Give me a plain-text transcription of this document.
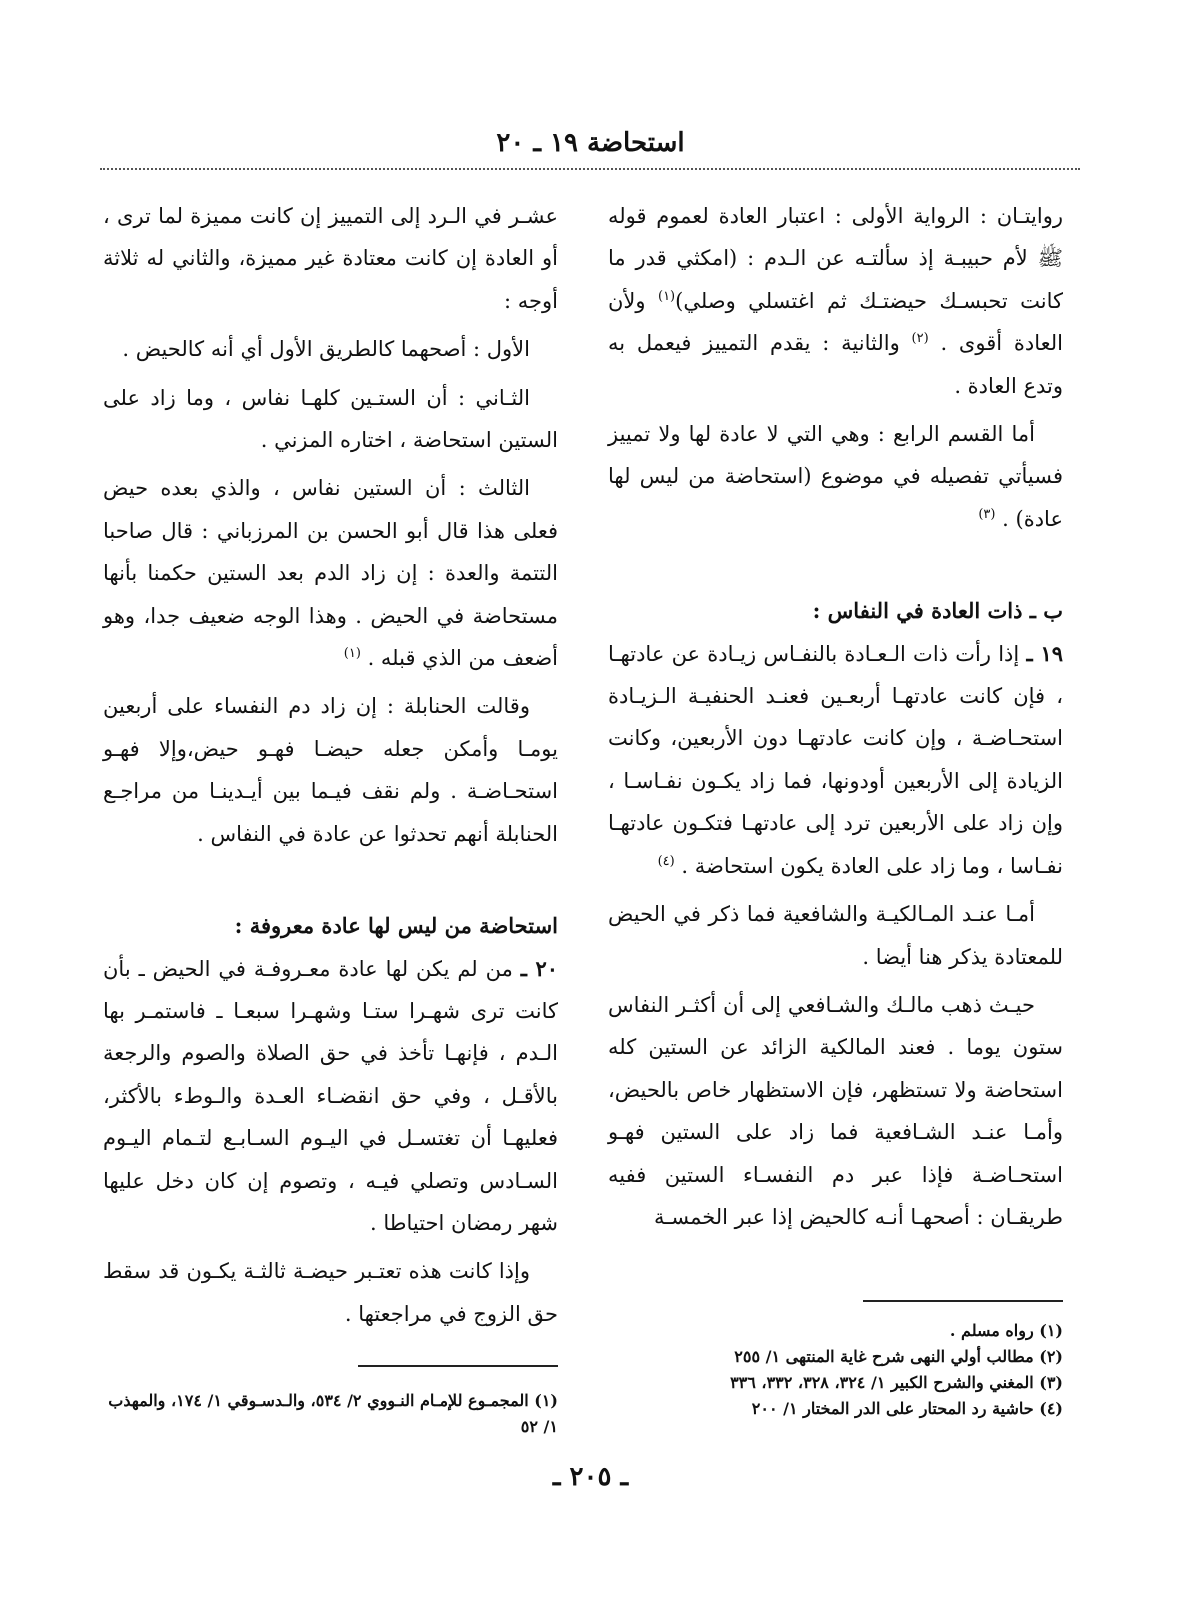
استحاضة ١٩ ـ ٢٠

روايتـان : الرواية الأولى : اعتبار العادة لعموم قوله ﷺ لأم حبيبـة إذ سألتـه عن الـدم : (امكثي قدر ما كانت تحبسـك حيضتـك ثم اغتسلي وصلي)$^{(١)}$ ولأن العادة أقوى . $^{(٢)}$ والثانية : يقدم التمييز فيعمل به وتدع العادة .

أما القسم الرابع : وهي التي لا عادة لها ولا تمييز فسيأتي تفصيله في موضوع (استحاضة من ليس لها عادة) . $^{(٣)}$

ب ـ ذات العادة في النفاس :

١٩ ـ إذا رأت ذات الـعـادة بالنفـاس زيـادة عن عادتهـا ، فإن كانت عادتهـا أربعـين فعنـد الحنفيـة الـزيـادة استحـاضـة ، وإن كانت عادتهـا دون الأربعين، وكانت الزيادة إلى الأربعين أودونها، فما زاد يكـون نفـاسـا ، وإن زاد على الأربعين ترد إلى عادتهـا فتكـون عادتهـا نفـاسا ، وما زاد على العادة يكون استحاضة . $^{(٤)}$

أمـا عنـد المـالكيـة والشافعية فما ذكر في الحيض للمعتادة يذكر هنا أيضا .

حيـث ذهب مالـك والشـافعي إلى أن أكثـر النفاس ستون يوما . فعند المالكية الزائد عن الستين كله استحاضة ولا تستظهر، فإن الاستظهار خاص بالحيض، وأمـا عنـد الشـافعية فما زاد على الستين فهـو استحـاضـة فإذا عبر دم النفسـاء الستين ففيه طريقـان : أصحهـا أنـه كالحيض إذا عبر الخمسـة

عشـر في الـرد إلى التمييز إن كانت مميزة لما ترى ، أو العادة إن كانت معتادة غير مميزة، والثاني له ثلاثة أوجه :

الأول : أصحهما كالطريق الأول أي أنه كالحيض .

الثـاني : أن الستـين كلهـا نفاس ، وما زاد على الستين استحاضة ، اختاره المزني .

الثالث : أن الستين نفاس ، والذي بعده حيض فعلى هذا قال أبو الحسن بن المرزباني : قال صاحبا التتمة والعدة : إن زاد الدم بعد الستين حكمنا بأنها مستحاضة في الحيض . وهذا الوجه ضعيف جدا، وهو أضعف من الذي قبله . $^{(١)}$

وقالت الحنابلة : إن زاد دم النفساء على أربعين يومـا وأمكن جعله حيضـا فهـو حيض،وإلا فهـو استحـاضـة . ولم نقف فيـما بين أيـدينـا من مراجـع الحنابلة أنهم تحدثوا عن عادة في النفاس .

استحاضة من ليس لها عادة معروفة :

٢٠ ـ من لم يكن لها عادة معـروفـة في الحيض ـ بأن كانت ترى شهـرا ستـا وشهـرا سبعـا ـ فاستمـر بها الـدم ، فإنهـا تأخذ في حق الصلاة والصوم والرجعة بالأقـل ، وفي حق انقضـاء العـدة والـوطء بالأكثر، فعليهـا أن تغتسـل في اليـوم السـابـع لتـمام اليـوم السـادس وتصلي فيـه ، وتصوم إن كان دخل عليها شهر رمضان احتياطا .

وإذا كانت هذه تعتـبر حيضـة ثالثـة يكـون قد سقط حق الزوج في مراجعتها .

(١) رواه مسلم .
(٢) مطالب أولي النهى شرح غاية المنتهى ١/ ٢٥٥
(٣) المغني والشرح الكبير ١/ ٣٢٤، ٣٢٨، ٣٣٢، ٣٣٦
(٤) حاشية رد المحتار على الدر المختار ١/ ٢٠٠
(١) المجمـوع للإمـام النـووي ٢/ ٥٣٤، والـدسـوقي ١/ ١٧٤، والمهذب ١/ ٥٢
ـ ٢٠٥ ـ
